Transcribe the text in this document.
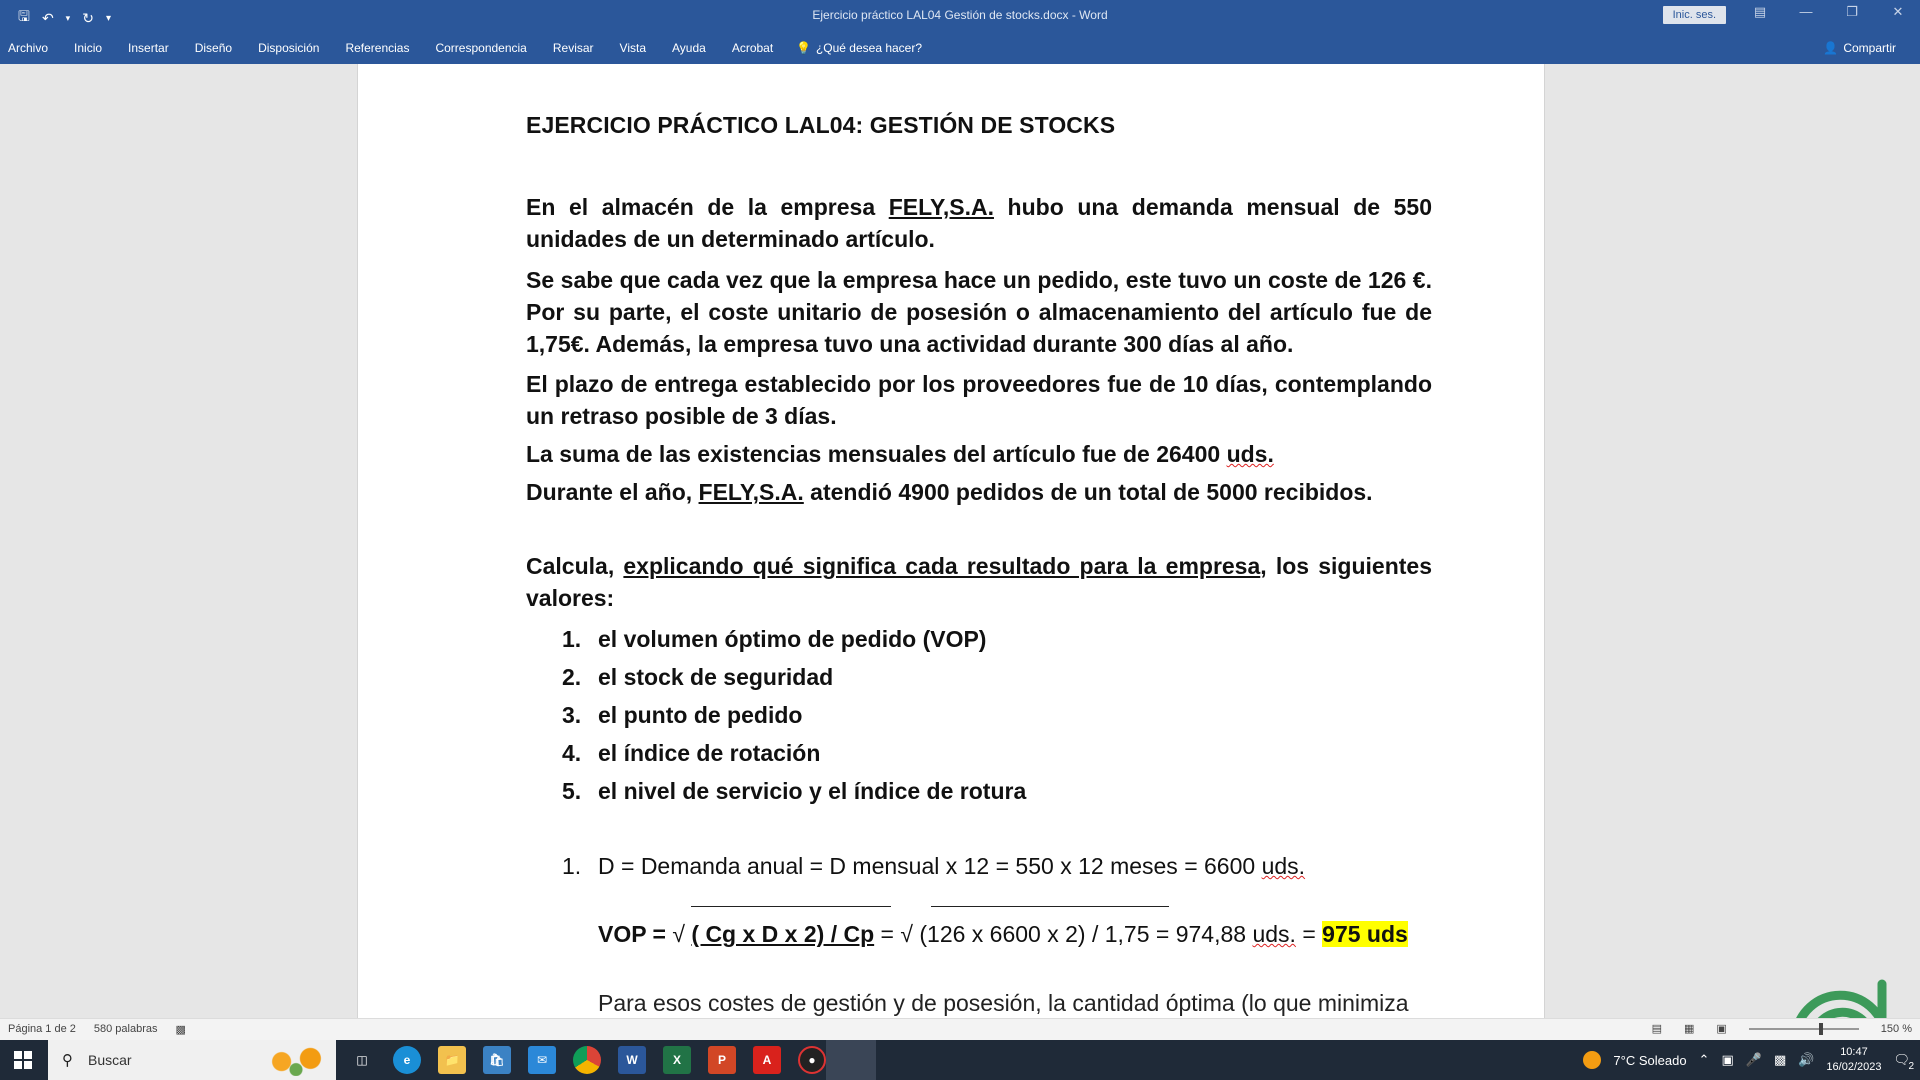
🖫 ↶ ▾ ↻ ▾	Ejercicio práctico LAL04 Gestión de stocks.docx - Word	Inic. ses.	▤	—	❐	✕
Archivo Inicio Insertar Diseño Disposición Referencias Correspondencia Revisar Vista Ayuda Acrobat 💡 ¿Qué desea hacer?	👤 Compartir
EJERCICIO PRÁCTICO LAL04: GESTIÓN DE STOCKS

En el almacén de la empresa FELY,S.A. hubo una demanda mensual de 550 unidades de un determinado artículo.

Se sabe que cada vez que la empresa hace un pedido, este tuvo un coste de 126 €. Por su parte, el coste unitario de posesión o almacenamiento del artículo fue de 1,75€. Además, la empresa tuvo una actividad durante 300 días al año.

El plazo de entrega establecido por los proveedores fue de 10 días, contemplando un retraso posible de 3 días.

La suma de las existencias mensuales del artículo fue de 26400 uds.

Durante el año, FELY,S.A. atendió 4900 pedidos de un total de 5000 recibidos.

Calcula, explicando qué significa cada resultado para la empresa, los siguientes valores:

1. el volumen óptimo de pedido (VOP)
2. el stock de seguridad
3. el punto de pedido
4. el índice de rotación
5. el nivel de servicio y el índice de rotura
1. D = Demanda anual = D mensual x 12 = 550 x 12 meses = 6600 uds.
VOP = √ ( Cg x D x 2) / Cp = √ (126 x 6600 x 2) / 1,75 = 974,88 uds. = 975 uds
Para esos costes de gestión y de posesión, la cantidad óptima (lo que minimiza
Página 1 de 2 580 palabras ▩	▤ ▦ ▣	150 %
⚲ Buscar	◫	e	📁	🛍	✉	W	X	P	A	●	7°C Soleado ⌃ ▣ 🎤 ▩ 🔊	10:47
16/02/2023 🗨
2
